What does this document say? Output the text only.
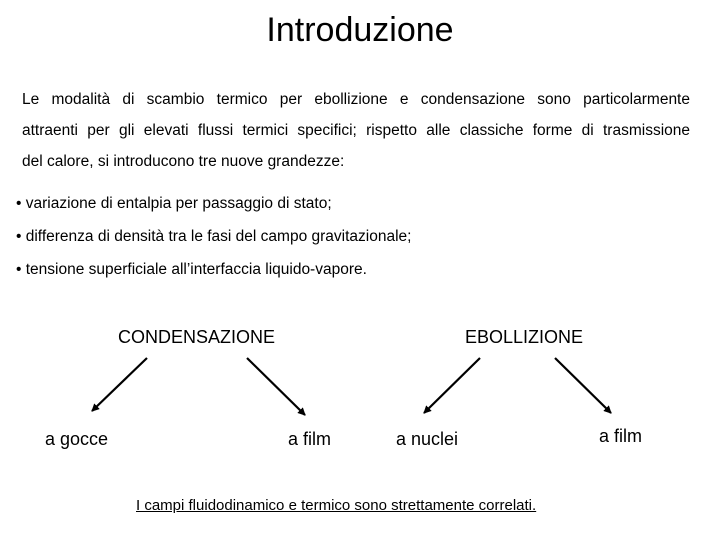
Introduzione
Le modalità di scambio termico per ebollizione e condensazione sono particolarmente
attraenti per gli elevati flussi termici specifici; rispetto alle classiche forme di trasmissione
del calore, si introducono tre nuove grandezze:
• variazione di entalpia per passaggio di stato;
• differenza di densità tra le fasi del campo gravitazionale;
• tensione superficiale all’interfaccia liquido-vapore.
CONDENSAZIONE	EBOLLIZIONE
a gocce	a film	a nuclei	a film
I campi fluidodinamico e termico sono strettamente correlati.
